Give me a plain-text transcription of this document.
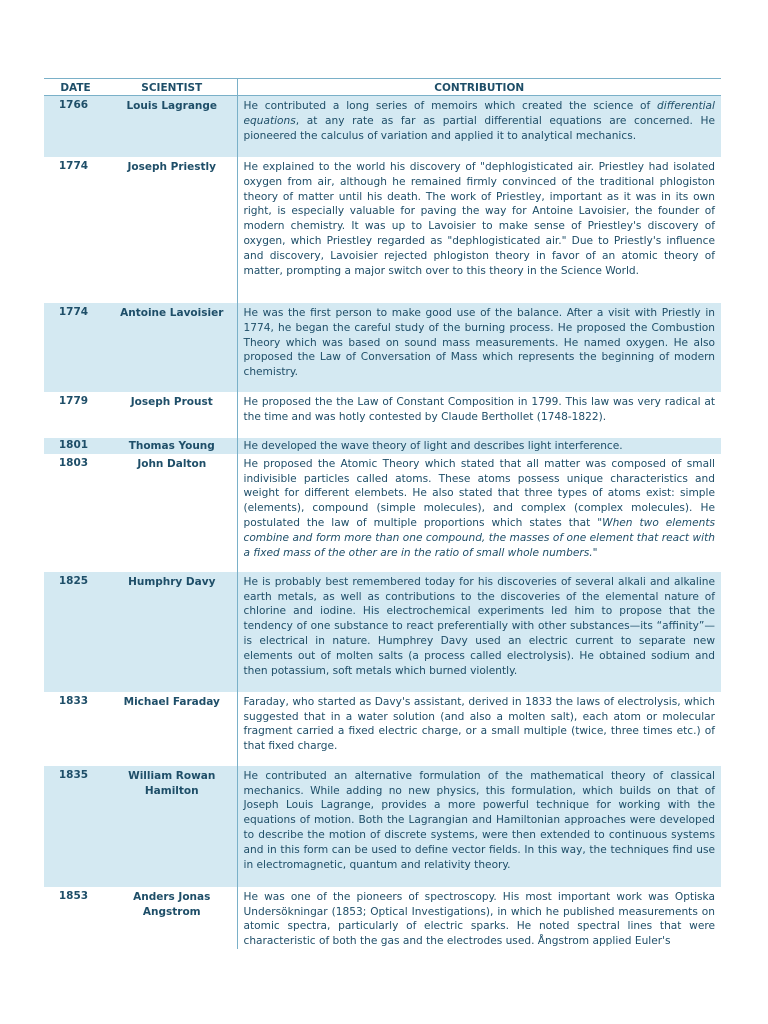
DATE	SCIENTIST	CONTRIBUTION
1766	Louis Lagrange	He contributed a long series of memoirs which created the science of differential equations, at any rate as far as partial differential equations are concerned. He pioneered the calculus of variation and applied it to analytical mechanics.
1774	Joseph Priestly	He explained to the world his discovery of "dephlogisticated air. Priestley had isolated oxygen from air, although he remained firmly convinced of the traditional phlogiston theory of matter until his death. The work of Priestley, important as it was in its own right, is especially valuable for paving the way for Antoine Lavoisier, the founder of modern chemistry. It was up to Lavoisier to make sense of Priestley's discovery of oxygen, which Priestley regarded as "dephlogisticated air." Due to Priestly's influence and discovery, Lavoisier rejected phlogiston theory in favor of an atomic theory of matter, prompting a major switch over to this theory in the Science World.
1774	Antoine Lavoisier	He was the first person to make good use of the balance. After a visit with Priestly in 1774, he began the careful study of the burning process. He proposed the Combustion Theory which was based on sound mass measurements. He named oxygen. He also proposed the Law of Conversation of Mass which represents the beginning of modern chemistry.
1779	Joseph Proust	He proposed the the Law of Constant Composition in 1799. This law was very radical at the time and was hotly contested by Claude Berthollet (1748-1822).
1801	Thomas Young	He developed the wave theory of light and describes light interference.
1803	John Dalton	He proposed the Atomic Theory which stated that all matter was composed of small indivisible particles called atoms. These atoms possess unique characteristics and weight for different elembets. He also stated that three types of atoms exist: simple (elements), compound (simple molecules), and complex (complex molecules). He postulated the law of multiple proportions which states that "When two elements combine and form more than one compound, the masses of one element that react with a fixed mass of the other are in the ratio of small whole numbers."
1825	Humphry Davy	He is probably best remembered today for his discoveries of several alkali and alkaline earth metals, as well as contributions to the discoveries of the elemental nature of chlorine and iodine. His electrochemical experiments led him to propose that the tendency of one substance to react preferentially with other substances—its “affinity”—is electrical in nature. Humphrey Davy used an electric current to separate new elements out of molten salts (a process called electrolysis). He obtained sodium and then potassium, soft metals which burned violently.
1833	Michael Faraday	Faraday, who started as Davy's assistant, derived in 1833 the laws of electrolysis, which suggested that in a water solution (and also a molten salt), each atom or molecular fragment carried a fixed electric charge, or a small multiple (twice, three times etc.) of that fixed charge.
1835	William Rowan Hamilton	He contributed an alternative formulation of the mathematical theory of classical mechanics. While adding no new physics, this formulation, which builds on that of Joseph Louis Lagrange, provides a more powerful technique for working with the equations of motion. Both the Lagrangian and Hamiltonian approaches were developed to describe the motion of discrete systems, were then extended to continuous systems and in this form can be used to define vector fields. In this way, the techniques find use in electromagnetic, quantum and relativity theory.
1853	Anders Jonas Angstrom	He was one of the pioneers of spectroscopy. His most important work was Optiska Undersökningar (1853; Optical Investigations), in which he published measurements on atomic spectra, particularly of electric sparks. He noted spectral lines that were characteristic of both the gas and the electrodes used. Ångstrom applied Euler's
